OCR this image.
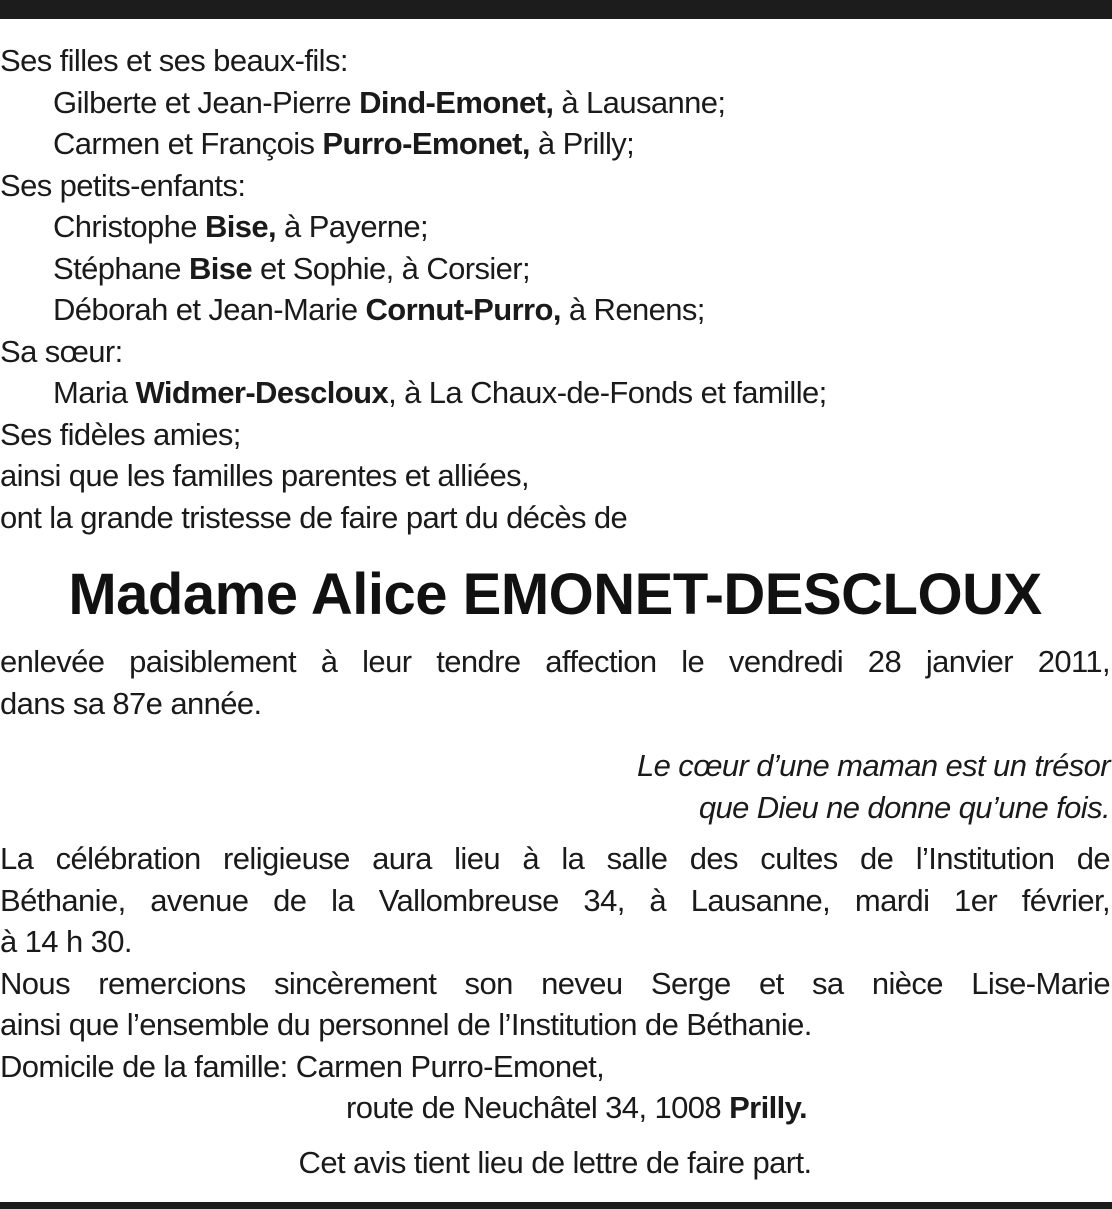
Ses filles et ses beaux-fils:

Gilberte et Jean-Pierre Dind-Emonet, à Lausanne;

Carmen et François Purro-Emonet, à Prilly;

Ses petits-enfants:

Christophe Bise, à Payerne;

Stéphane Bise et Sophie, à Corsier;

Déborah et Jean-Marie Cornut-Purro, à Renens;

Sa sœur:

Maria Widmer-Descloux, à La Chaux-de-Fonds et famille;

Ses fidèles amies;

ainsi que les familles parentes et alliées,

ont la grande tristesse de faire part du décès de

Madame Alice EMONET-DESCLOUX

enlevée paisiblement à leur tendre affection le vendredi 28 janvier 2011,

dans sa 87e année.

Le cœur d’une maman est un trésor

que Dieu ne donne qu’une fois.

La célébration religieuse aura lieu à la salle des cultes de l’Institution de

Béthanie, avenue de la Vallombreuse 34, à Lausanne, mardi 1er février,

à 14 h 30.

Nous remercions sincèrement son neveu Serge et sa nièce Lise-Marie

ainsi que l’ensemble du personnel de l’Institution de Béthanie.

Domicile de la famille: Carmen Purro-Emonet,

route de Neuchâtel 34, 1008 Prilly.

Cet avis tient lieu de lettre de faire part.
